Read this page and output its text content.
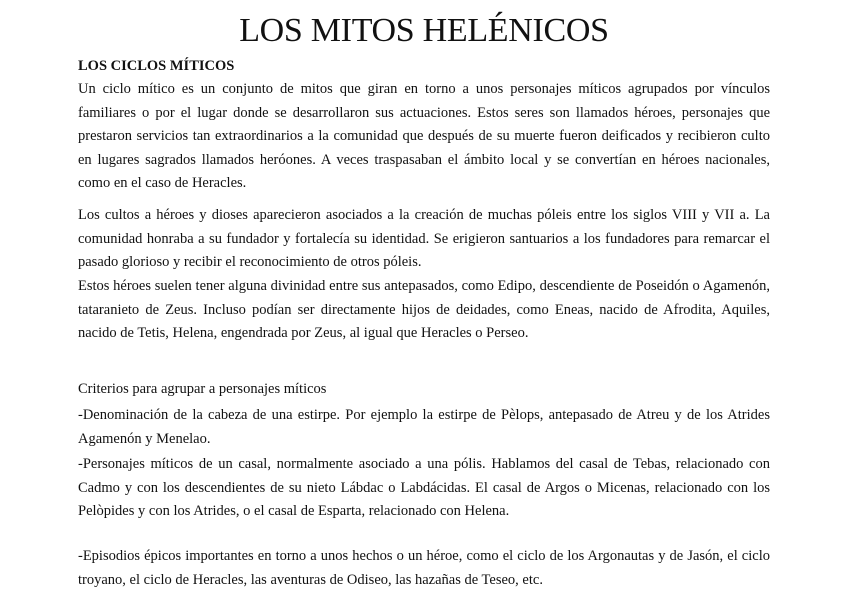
LOS MITOS HELÉNICOS
LOS CICLOS MÍTICOS

Un ciclo mítico es un conjunto de mitos que giran en torno a unos personajes míticos agrupados por vínculos familiares o por el lugar donde se desarrollaron sus actuaciones. Estos seres son llamados héroes, personajes que prestaron servicios tan extraordinarios a la comunidad que después de su muerte fueron deificados y recibieron culto en lugares sagrados llamados heróones. A veces traspasaban el ámbito local y se convertían en héroes nacionales, como en el caso de Heracles.

Los cultos a héroes y dioses aparecieron asociados a la creación de muchas póleis entre los siglos VIII y VII a. La comunidad honraba a su fundador y fortalecía su identidad. Se erigieron santuarios a los fundadores para remarcar el pasado glorioso y recibir el reconocimiento de otros póleis.

Estos héroes suelen tener alguna divinidad entre sus antepasados, como Edipo, descendiente de Poseidón o Agamenón, tataranieto de Zeus. Incluso podían ser directamente hijos de deidades, como Eneas, nacido de Afrodita, Aquiles, nacido de Tetis, Helena, engendrada por Zeus, al igual que Heracles o Perseo.

Criterios para agrupar a personajes míticos

-Denominación de la cabeza de una estirpe. Por ejemplo la estirpe de Pèlops, antepasado de Atreu y de los Atrides Agamenón y Menelao.

-Personajes míticos de un casal, normalmente asociado a una pólis. Hablamos del casal de Tebas, relacionado con Cadmo y con los descendientes de su nieto Lábdac o Labdácidas. El casal de Argos o Micenas, relacionado con los Pelòpides y con los Atrides, o el casal de Esparta, relacionado con Helena.

-Episodios épicos importantes en torno a unos hechos o un héroe, como el ciclo de los Argonautas y de Jasón, el ciclo troyano, el ciclo de Heracles, las aventuras de Odiseo, las hazañas de Teseo, etc.
